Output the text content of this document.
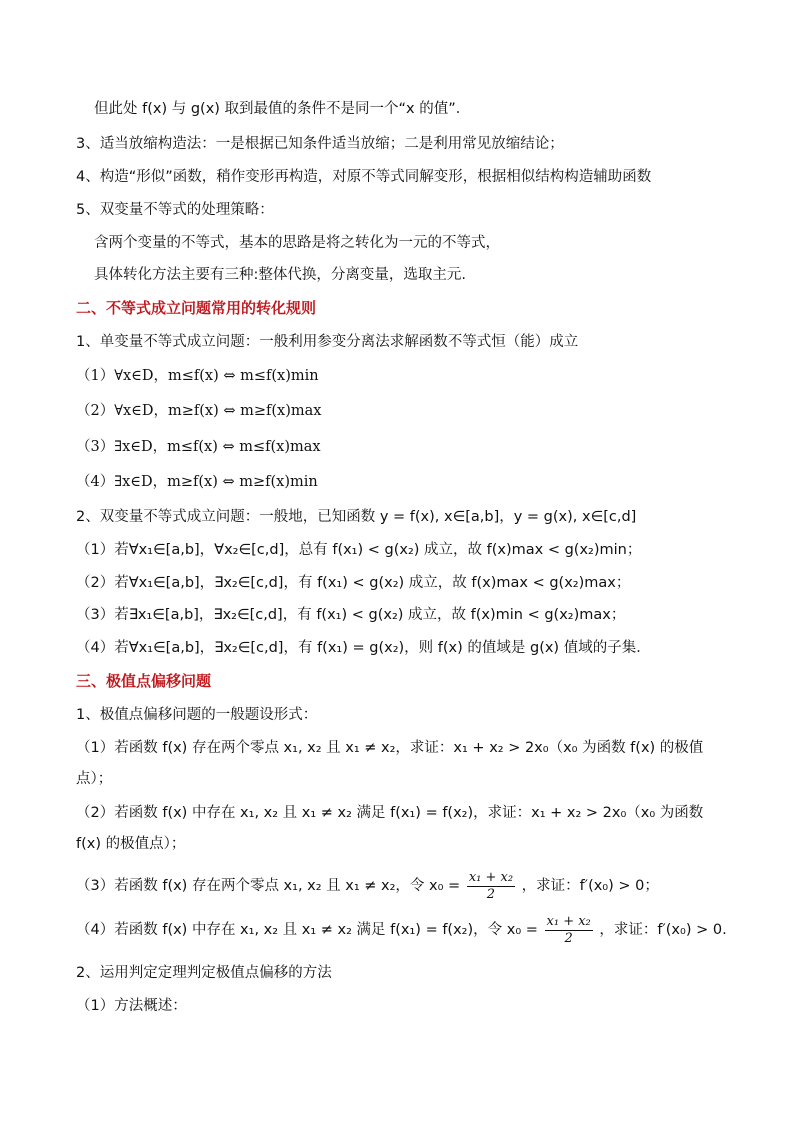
但此处 f(x) 与 g(x) 取到最值的条件不是同一个“x 的值”．
3、适当放缩构造法：一是根据已知条件适当放缩；二是利用常见放缩结论；
4、构造“形似”函数，稍作变形再构造，对原不等式同解变形，根据相似结构构造辅助函数
5、双变量不等式的处理策略：
含两个变量的不等式，基本的思路是将之转化为一元的不等式，
具体转化方法主要有三种:整体代换，分离变量，选取主元.
二、不等式成立问题常用的转化规则
1、单变量不等式成立问题：一般利用参变分离法求解函数不等式恒（能）成立
（1）∀x∈D，m≤f(x) ⇔ m≤f(x)min
（2）∀x∈D，m≥f(x) ⇔ m≥f(x)max
（3）∃x∈D，m≤f(x) ⇔ m≤f(x)max
（4）∃x∈D，m≥f(x) ⇔ m≥f(x)min
2、双变量不等式成立问题：一般地，已知函数 y = f(x), x∈[a,b]，y = g(x), x∈[c,d]
（1）若∀x₁∈[a,b]，∀x₂∈[c,d]，总有 f(x₁) < g(x₂) 成立，故 f(x)max < g(x₂)min；
（2）若∀x₁∈[a,b]，∃x₂∈[c,d]，有 f(x₁) < g(x₂) 成立，故 f(x)max < g(x₂)max；
（3）若∃x₁∈[a,b]，∃x₂∈[c,d]，有 f(x₁) < g(x₂) 成立，故 f(x)min < g(x₂)max；
（4）若∀x₁∈[a,b]，∃x₂∈[c,d]，有 f(x₁) = g(x₂)，则 f(x) 的值域是 g(x) 值域的子集．
三、极值点偏移问题
1、极值点偏移问题的一般题设形式：
（1）若函数 f(x) 存在两个零点 x₁, x₂ 且 x₁ ≠ x₂，求证：x₁ + x₂ > 2x₀（x₀ 为函数 f(x) 的极值
点）；
（2）若函数 f(x) 中存在 x₁, x₂ 且 x₁ ≠ x₂ 满足 f(x₁) = f(x₂)，求证：x₁ + x₂ > 2x₀（x₀ 为函数
f(x) 的极值点）；
（3）若函数 f(x) 存在两个零点 x₁, x₂ 且 x₁ ≠ x₂，令 $x_0 = \frac{\text{x₁ + x₂}}{2}$ ，求证：f′(x₀) > 0；
（4）若函数 f(x) 中存在 x₁, x₂ 且 x₁ ≠ x₂ 满足 f(x₁) = f(x₂)，令 $x_0 = \frac{\text{x₁ + x₂}}{2}$ ，求证：f′(x₀) > 0.
2、运用判定定理判定极值点偏移的方法
（1）方法概述：
